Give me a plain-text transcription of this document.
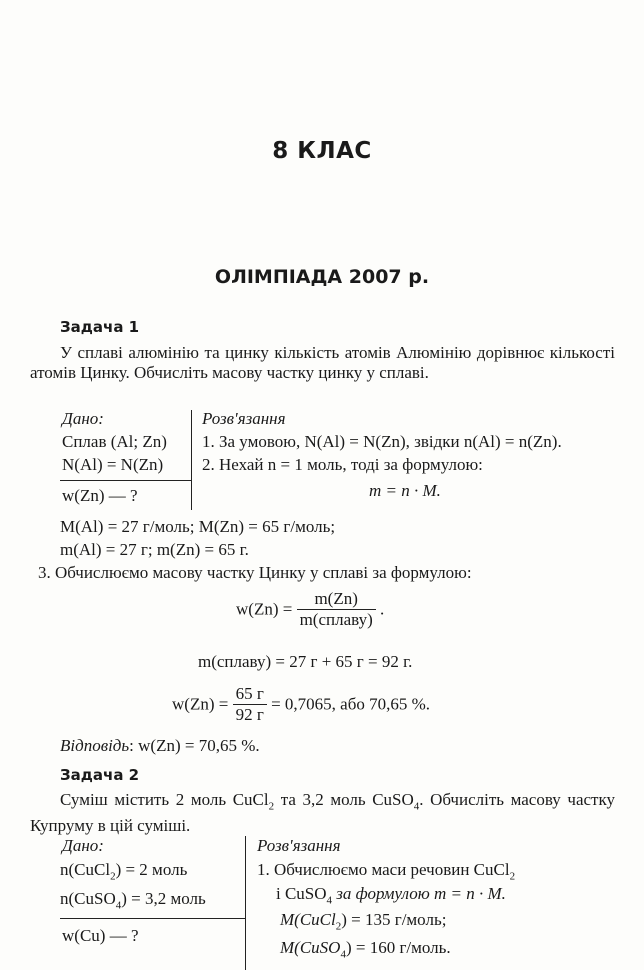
8 КЛАС
ОЛІМПІАДА 2007 р.
Задача 1
У сплаві алюмінію та цинку кількість атомів Алюмінію дорівнює кількості атомів Цинку. Обчисліть масову частку цинку у сплаві.
Дано:
Сплав (Al; Zn)
N(Al) = N(Zn)
w(Zn) — ?
Розв'язання
1. За умовою, N(Al) = N(Zn), звідки n(Al) = n(Zn).
2. Нехай n = 1 моль, тоді за формулою:
m = n · M.
M(Al) = 27 г/моль; M(Zn) = 65 г/моль;
m(Al) = 27 г; m(Zn) = 65 г.
3. Обчислюємо масову частку Цинку у сплаві за формулою:
$w(Zn) = \frac{m(Zn)}{\text{m(сплаву)}}$ .
m(сплаву) = 27 г + 65 г = 92 г.
$w(Zn) = \frac{65 г}{92 г} = 0,7065$, або 70,65 %.
Відповідь: w(Zn) = 70,65 %.
Задача 2
Суміш містить 2 моль CuCl$_2$ та 3,2 моль CuSO$_4$. Обчисліть масову частку Купруму в цій суміші.
Дано:
n(CuCl$_2$) = 2 моль
n(CuSO$_4$) = 3,2 моль
w(Cu) — ?
Розв'язання
1. Обчислюємо маси речовин CuCl$_2$
і CuSO$_4$ за формулою m = n · M.
M(CuCl$_2$) = 135 г/моль;
M(CuSO$_4$) = 160 г/моль.
